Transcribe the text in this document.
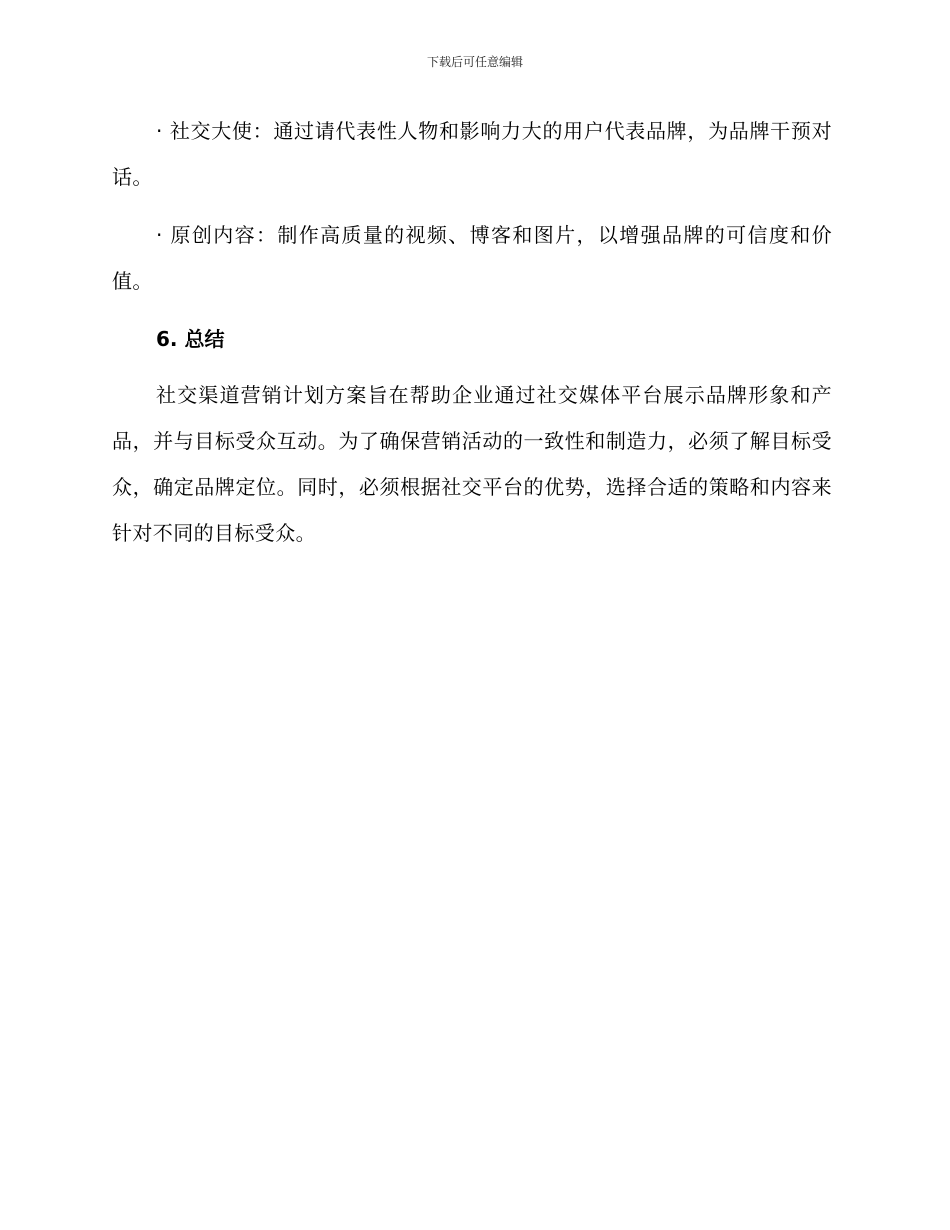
下载后可任意编辑

· 社交大使：通过请代表性人物和影响力大的用户代表品牌，为品牌干预对话。

· 原创内容：制作高质量的视频、博客和图片，以增强品牌的可信度和价值。

6. 总结

社交渠道营销计划方案旨在帮助企业通过社交媒体平台展示品牌形象和产品，并与目标受众互动。为了确保营销活动的一致性和制造力，必须了解目标受众，确定品牌定位。同时，必须根据社交平台的优势，选择合适的策略和内容来针对不同的目标受众。
